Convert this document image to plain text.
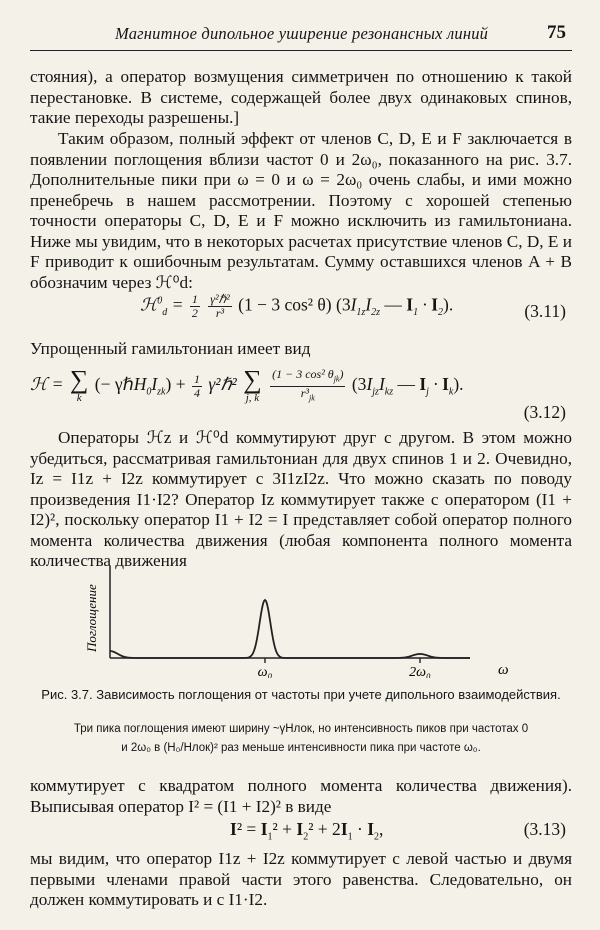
Магнитное дипольное уширение резонансных линий	75
стояния), а оператор возмущения симметричен по отношению к такой перестановке. В системе, содержащей более двух одинаковых спинов, такие переходы разрешены.]
Таким образом, полный эффект от членов C, D, E и F заключается в появлении поглощения вблизи частот 0 и 2ω₀, показанного на рис. 3.7. Дополнительные пики при ω = 0 и ω = 2ω₀ очень слабы, и ими можно пренебречь в нашем рассмотрении. Поэтому с хорошей степенью точности операторы C, D, E и F можно исключить из гамильтониана. Ниже мы увидим, что в некоторых расчетах присутствие членов C, D, E и F приводит к ошибочным результатам. Сумму оставшихся членов A + B обозначим через ℋ⁰d:
ℋ$^0_d$ = $\frac{1}{2}$
$\frac{\text{γ²ℏ²}}{\text{r³}} (1 - 3$ cos² θ) ($3I_{1z}I_{2z}$ — $I_1 \cdot I_2$).	(3.11)
Упрощенный гамильтониан имеет вид
ℋ = ∑
k
(− $\gamma\hbar H_0I_{zk}) + \frac{1}{4}$ γ²ℏ² ∑
j, k
$\frac{(1 - 3 \cos^2 \theta_{jk})}{r^3_{jk}} (3I_{jz}I_{kz}$ — $I_j \cdot I_k$).
(3.12)
Операторы ℋz и ℋ⁰d коммутируют друг с другом. В этом можно убедиться, рассматривая гамильтониан для двух спинов 1 и 2. Очевидно, Iz = I1z + I2z коммутирует с 3I1zI2z. Что можно сказать по поводу произведения I1·I2? Оператор Iz коммутирует также с оператором (I1 + I2)², поскольку оператор I1 + I2 = I представляет собой оператор полного момента количества движения (любая компонента полного момента количества движения
Поглощение
ω₀	2ω₀	ω
Рис. 3.7. Зависимость поглощения от частоты при учете дипольного взаимодействия.
Три пика поглощения имеют ширину ~γHлок, но интенсивность пиков при частотах 0
и 2ω₀ в (H₀/Hлок)² раз меньше интенсивности пика при частоте ω₀.
коммутирует с квадратом полного момента количества движения). Выписывая оператор I² = (I1 + I2)² в виде
$I^2 = I_1^2 + I_2^2 + 2I_1 \cdot I_2$,	(3.13)
мы видим, что оператор I1z + I2z коммутирует с левой частью и двумя первыми членами правой части этого равенства. Следовательно, он должен коммутировать и с I1·I2.
